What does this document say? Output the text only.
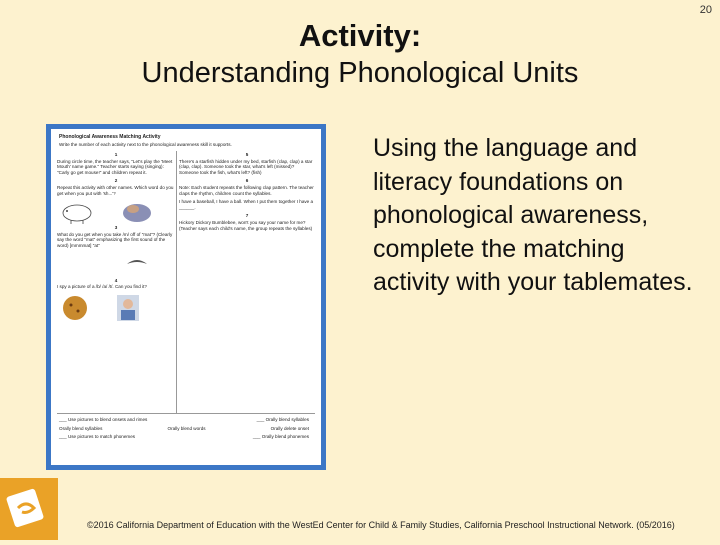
20
Activity:
Understanding Phonological Units
Phonological Awareness Matching Activity
Write the number of each activity next to the phonological awareness skill it supports.
1

During circle time, the teacher says, "Let's play the 'Meet Mouth' name game." Teacher starts saying (singing): "Carly go get mouse!" and children repeat it.

2

Repeat this activity with other names. Which word do you get when you put with 'sh...'?

3

What do you get when you take /m/ off of "mat"? (Clearly say the word "mat" emphasizing the first sound of the word) [mmmmat] "at"

4

I spy a picture of a /b/ /a/ /t/. Can you find it?

5

There's a starfish hidden under my bed, starfish (clap, clap) a star (clap, clap). Someone took the star, what's left (missed)? Someone took the fish, what's left? (fish)

6

Note: Each student repeats the following clap pattern. The teacher claps the rhythm, children count the syllables.

I have a baseball, I have a ball. When I put them together I have a ______.

7

Hickory Dickory Bumblebee, won't you say your name for me? (Teacher says each child's name, the group repeats the syllables)

___ Use pictures to blend onsets and rimes	___ Orally blend syllables
Orally blend syllables	Orally blend words	Orally delete onset
___ Use pictures to match phonemes	___ Orally blend phonemes
Using the language and literacy foundations on phonological awareness, complete the matching activity with your tablemates.
©2016 California Department of Education with the WestEd Center for Child & Family Studies, California Preschool Instructional Network. (05/2016)
